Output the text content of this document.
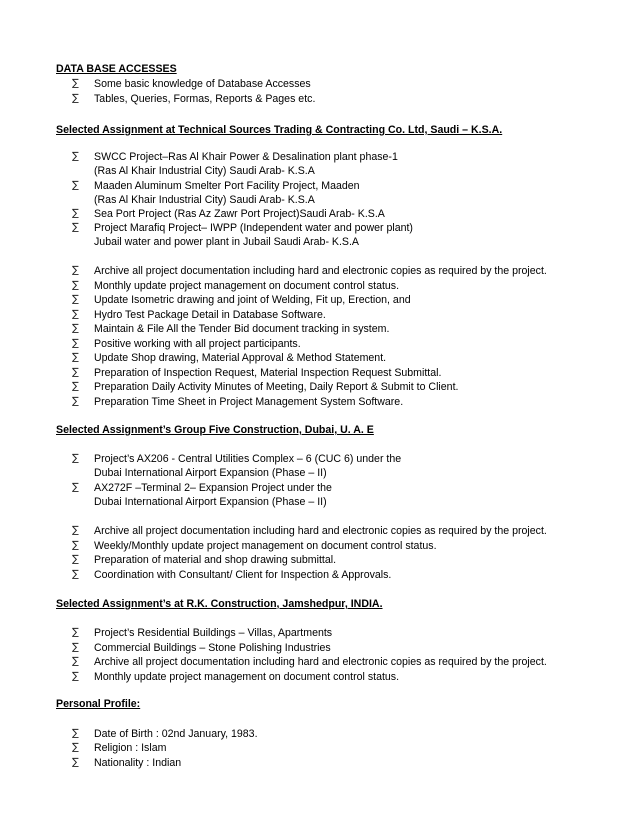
DATA BASE ACCESSES
∑	Some basic knowledge of Database Accesses
∑	Tables, Queries, Formas, Reports & Pages etc.
Selected Assignment at Technical Sources Trading & Contracting Co. Ltd, Saudi – K.S.A.
∑	SWCC Project–Ras Al Khair Power & Desalination plant phase-1
(Ras Al Khair Industrial City) Saudi Arab- K.S.A
∑	Maaden Aluminum Smelter Port Facility Project, Maaden
(Ras Al Khair Industrial City) Saudi Arab- K.S.A
∑	Sea Port Project (Ras Az Zawr Port Project)Saudi Arab- K.S.A
∑	Project Marafiq Project– IWPP (Independent water and power plant)
Jubail water and power plant in Jubail Saudi Arab- K.S.A
∑	Archive all project documentation including hard and electronic copies as required by the project.
∑	Monthly update project management on document control status.
∑	Update Isometric drawing and joint of Welding, Fit up, Erection, and
∑	Hydro Test Package Detail in Database Software.
∑	Maintain & File All the Tender Bid document tracking in system.
∑	Positive working with all project participants.
∑	Update Shop drawing, Material Approval & Method Statement.
∑	Preparation of Inspection Request, Material Inspection Request Submittal.
∑	Preparation Daily Activity Minutes of Meeting, Daily Report & Submit to Client.
∑	Preparation Time Sheet in Project Management System Software.
Selected Assignment’s Group Five Construction, Dubai, U. A. E
∑	Project’s AX206 - Central Utilities Complex – 6 (CUC 6) under the
Dubai International Airport Expansion (Phase – II)
∑	AX272F –Terminal 2– Expansion Project under the
Dubai International Airport Expansion (Phase – II)
∑	Archive all project documentation including hard and electronic copies as required by the project.
∑	Weekly/Monthly update project management on document control status.
∑	Preparation of material and shop drawing submittal.
∑	Coordination with Consultant/ Client for Inspection & Approvals.
Selected Assignment’s at R.K. Construction, Jamshedpur, INDIA.
∑	Project’s Residential Buildings – Villas, Apartments
∑	Commercial Buildings – Stone Polishing Industries
∑	Archive all project documentation including hard and electronic copies as required by the project.
∑	Monthly update project management on document control status.
Personal Profile:
∑	Date of Birth : 02nd January, 1983.
∑	Religion : Islam
∑	Nationality : Indian
